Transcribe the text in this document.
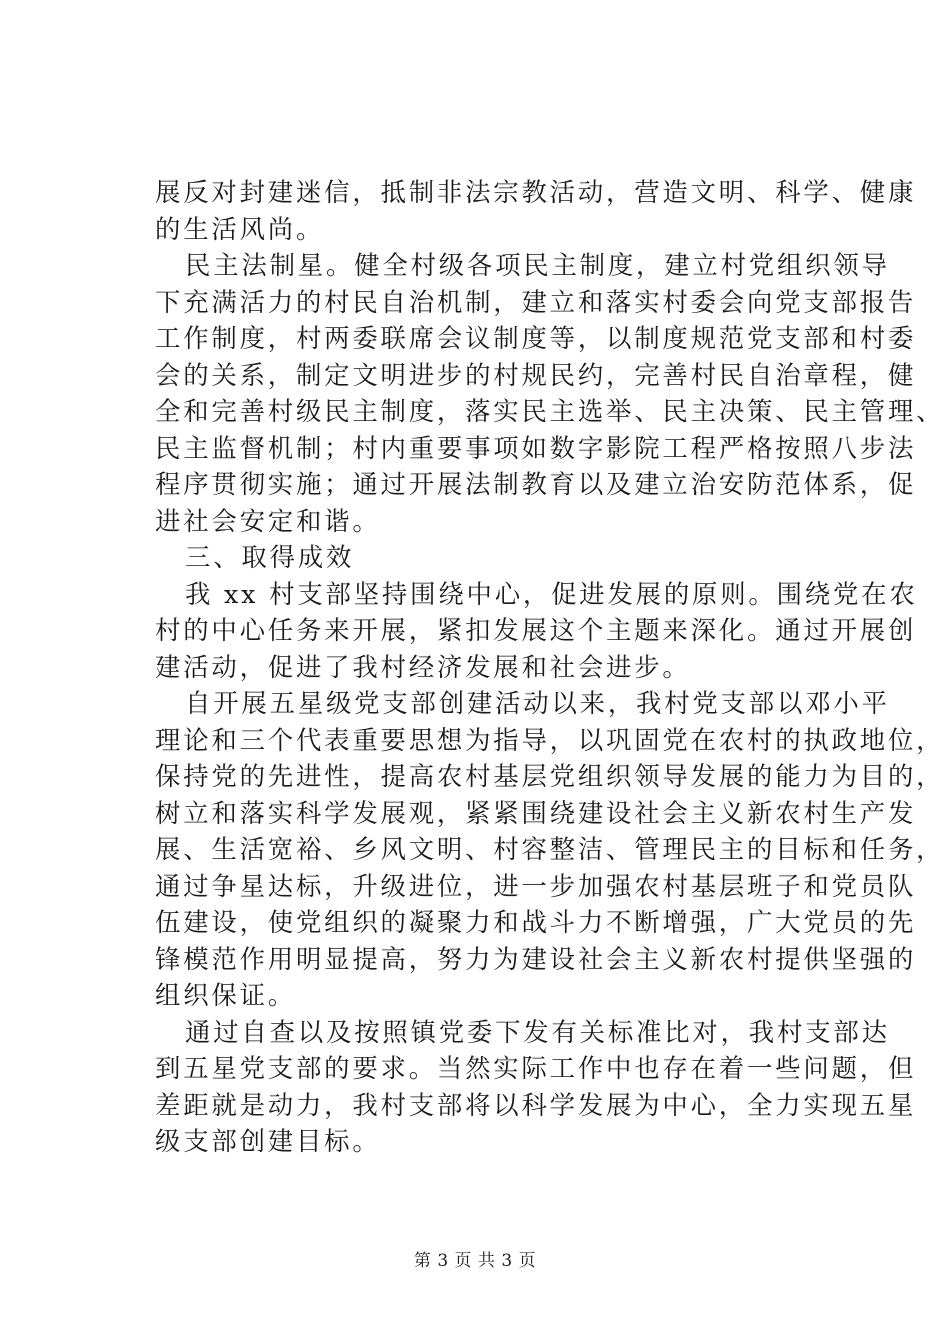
展反对封建迷信，抵制非法宗教活动，营造文明、科学、健康
的生活风尚。
民主法制星。健全村级各项民主制度，建立村党组织领导
下充满活力的村民自治机制，建立和落实村委会向党支部报告
工作制度，村两委联席会议制度等，以制度规范党支部和村委
会的关系，制定文明进步的村规民约，完善村民自治章程，健
全和完善村级民主制度，落实民主选举、民主决策、民主管理、
民主监督机制；村内重要事项如数字影院工程严格按照八步法
程序贯彻实施；通过开展法制教育以及建立治安防范体系，促
进社会安定和谐。
三、取得成效
我 xx 村支部坚持围绕中心，促进发展的原则。围绕党在农
村的中心任务来开展，紧扣发展这个主题来深化。通过开展创
建活动，促进了我村经济发展和社会进步。
自开展五星级党支部创建活动以来，我村党支部以邓小平
理论和三个代表重要思想为指导，以巩固党在农村的执政地位，
保持党的先进性，提高农村基层党组织领导发展的能力为目的，
树立和落实科学发展观，紧紧围绕建设社会主义新农村生产发
展、生活宽裕、乡风文明、村容整洁、管理民主的目标和任务，
通过争星达标，升级进位，进一步加强农村基层班子和党员队
伍建设，使党组织的凝聚力和战斗力不断增强，广大党员的先
锋模范作用明显提高，努力为建设社会主义新农村提供坚强的
组织保证。
通过自查以及按照镇党委下发有关标准比对，我村支部达
到五星党支部的要求。当然实际工作中也存在着一些问题，但
差距就是动力，我村支部将以科学发展为中心，全力实现五星
级支部创建目标。
第 3 页 共 3 页
